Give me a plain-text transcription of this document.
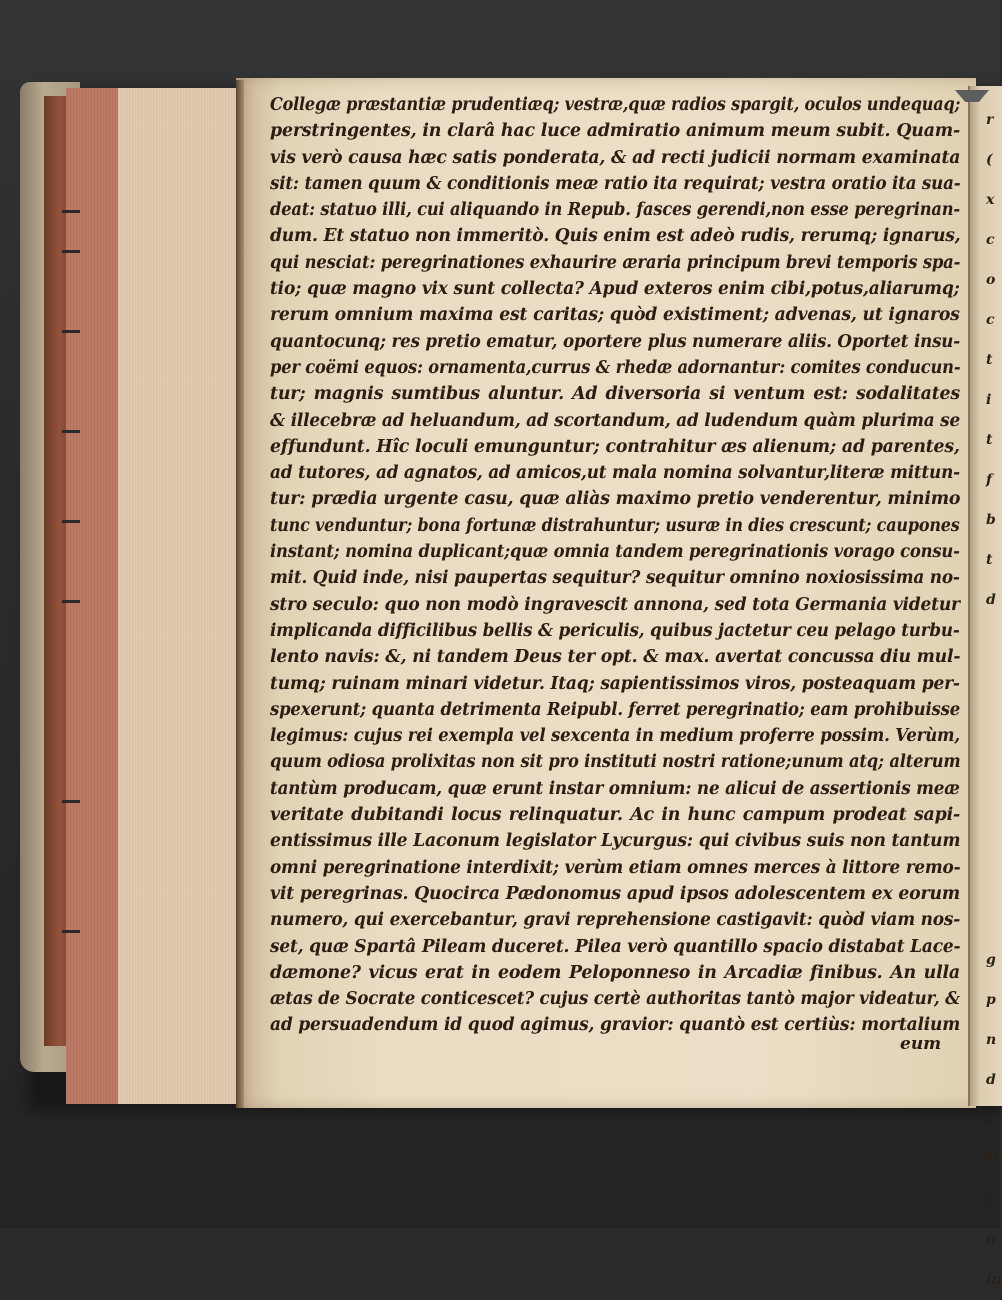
r
(
x
c
o
c
t
i
t
f
b
t
d

g
p
n
d
v
D
a
n
in
Collegæ præstantiæ prudentiæq; vestræ,quæ radios spargit, oculos undequaq;
perstringentes, in clarâ hac luce admiratio animum meum subit. Quam-
vis verò causa hæc satis ponderata, & ad recti judicii normam examinata
sit: tamen quum & conditionis meæ ratio ita requirat; vestra oratio ita sua-
deat: statuo illi, cui aliquando in Repub. fasces gerendi,non esse peregrinan-
dum. Et statuo non immeritò. Quis enim est adeò rudis, rerumq; ignarus,
qui nesciat: peregrinationes exhaurire æraria principum brevi temporis spa-
tio; quæ magno vix sunt collecta? Apud exteros enim cibi,potus,aliarumq;
rerum omnium maxima est caritas; quòd existiment; advenas, ut ignaros
quantocunq; res pretio ematur, oportere plus numerare aliis. Oportet insu-
per coëmi equos: ornamenta,currus & rhedæ adornantur: comites conducun-
tur; magnis sumtibus aluntur. Ad diversoria si ventum est: sodalitates
& illecebræ ad heluandum, ad scortandum, ad ludendum quàm plurima se
effundunt. Hîc loculi emunguntur; contrahitur æs alienum; ad parentes,
ad tutores, ad agnatos, ad amicos,ut mala nomina solvantur,literæ mittun-
tur: prædia urgente casu, quæ aliàs maximo pretio venderentur, minimo
tunc venduntur; bona fortunæ distrahuntur; usuræ in dies crescunt; caupones
instant; nomina duplicant;quæ omnia tandem peregrinationis vorago consu-
mit. Quid inde, nisi paupertas sequitur? sequitur omnino noxiosissima no-
stro seculo: quo non modò ingravescit annona, sed tota Germania videtur
implicanda difficilibus bellis & periculis, quibus jactetur ceu pelago turbu-
lento navis: &, ni tandem Deus ter opt. & max. avertat concussa diu mul-
tumq; ruinam minari videtur. Itaq; sapientissimos viros, posteaquam per-
spexerunt; quanta detrimenta Reipubl. ferret peregrinatio; eam prohibuisse
legimus: cujus rei exempla vel sexcenta in medium proferre possim. Verùm,
quum odiosa prolixitas non sit pro instituti nostri ratione;unum atq; alterum
tantùm producam, quæ erunt instar omnium: ne alicui de assertionis meæ
veritate dubitandi locus relinquatur. Ac in hunc campum prodeat sapi-
entissimus ille Laconum legislator Lycurgus: qui civibus suis non tantum
omni peregrinatione interdixit; verùm etiam omnes merces à littore remo-
vit peregrinas. Quocirca Pædonomus apud ipsos adolescentem ex eorum
numero, qui exercebantur, gravi reprehensione castigavit: quòd viam nos-
set, quæ Spartâ Pileam duceret. Pilea verò quantillo spacio distabat Lace-
dæmone? vicus erat in eodem Peloponneso in Arcadiæ finibus. An ulla
ætas de Socrate conticescet? cujus certè authoritas tantò major videatur, &
ad persuadendum id quod agimus, gravior: quantò est certiùs: mortalium
eum
